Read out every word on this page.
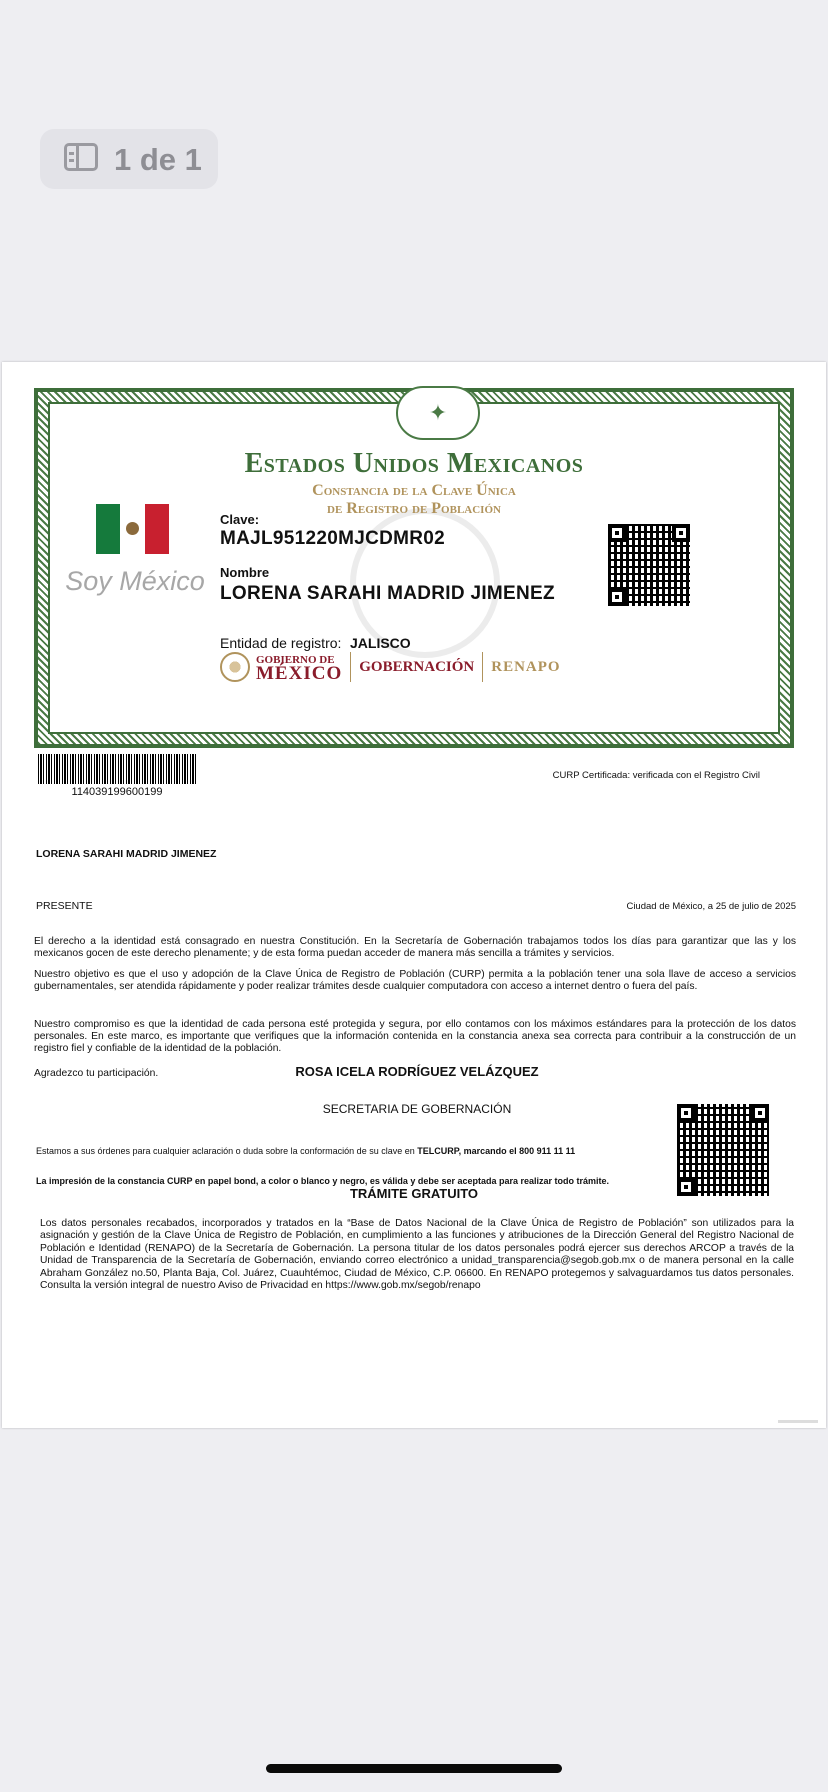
1 de 1
✦
Estados Unidos Mexicanos
Constancia de la Clave Única
de Registro de Población
Soy México
Clave:
MAJL951220MJCDMR02
Nombre
LORENA SARAHI MADRID JIMENEZ
Entidad de registro: JALISCO
GOBIERNO DE
MÉXICO GOBERNACIÓN RENAPO
114039199600199
CURP Certificada: verificada con el Registro Civil
LORENA SARAHI MADRID JIMENEZ
PRESENTE	Ciudad de México, a 25 de julio de 2025
El derecho a la identidad está consagrado en nuestra Constitución. En la Secretaría de Gobernación trabajamos todos los días para garantizar que las y los mexicanos gocen de este derecho plenamente; y de esta forma puedan acceder de manera más sencilla a trámites y servicios.
Nuestro objetivo es que el uso y adopción de la Clave Única de Registro de Población (CURP) permita a la población tener una sola llave de acceso a servicios gubernamentales, ser atendida rápidamente y poder realizar trámites desde cualquier computadora con acceso a internet dentro o fuera del país.
Nuestro compromiso es que la identidad de cada persona esté protegida y segura, por ello contamos con los máximos estándares para la protección de los datos personales. En este marco, es importante que verifiques que la información contenida en la constancia anexa sea correcta para contribuir a la construcción de un registro fiel y confiable de la identidad de la población.
Agradezco tu participación.	ROSA ICELA RODRÍGUEZ VELÁZQUEZ
SECRETARIA DE GOBERNACIÓN
Estamos a sus órdenes para cualquier aclaración o duda sobre la conformación de su clave en TELCURP, marcando el 800 911 11 11
La impresión de la constancia CURP en papel bond, a color o blanco y negro, es válida y debe ser aceptada para realizar todo trámite.
TRÁMITE GRATUITO
Los datos personales recabados, incorporados y tratados en la “Base de Datos Nacional de la Clave Única de Registro de Población” son utilizados para la asignación y gestión de la Clave Única de Registro de Población, en cumplimiento a las funciones y atribuciones de la Dirección General del Registro Nacional de Población e Identidad (RENAPO) de la Secretaría de Gobernación. La persona titular de los datos personales podrá ejercer sus derechos ARCOP a través de la Unidad de Transparencia de la Secretaría de Gobernación, enviando correo electrónico a unidad_transparencia@segob.gob.mx o de manera personal en la calle Abraham González no.50, Planta Baja, Col. Juárez, Cuauhtémoc, Ciudad de México, C.P. 06600. En RENAPO protegemos y salvaguardamos tus datos personales. Consulta la versión integral de nuestro Aviso de Privacidad en https://www.gob.mx/segob/renapo
